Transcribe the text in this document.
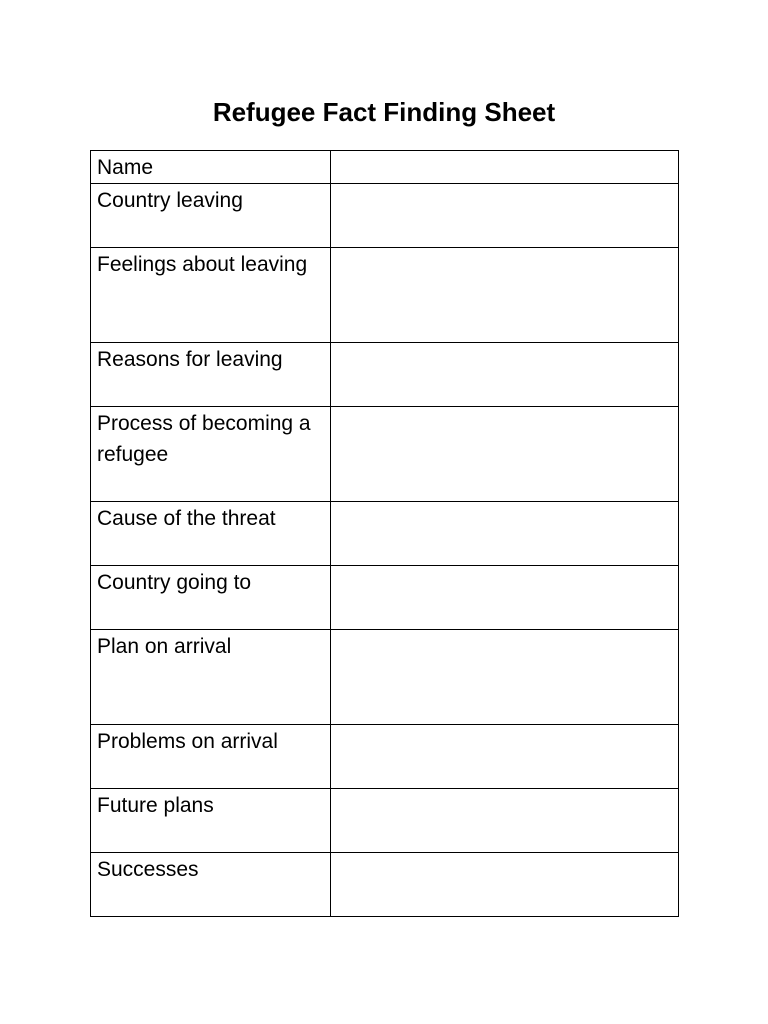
Refugee Fact Finding Sheet
Name	
Country leaving	
Feelings about leaving	
Reasons for leaving	
Process of becoming a refugee	
Cause of the threat	
Country going to	
Plan on arrival	
Problems on arrival	
Future plans	
Successes	
